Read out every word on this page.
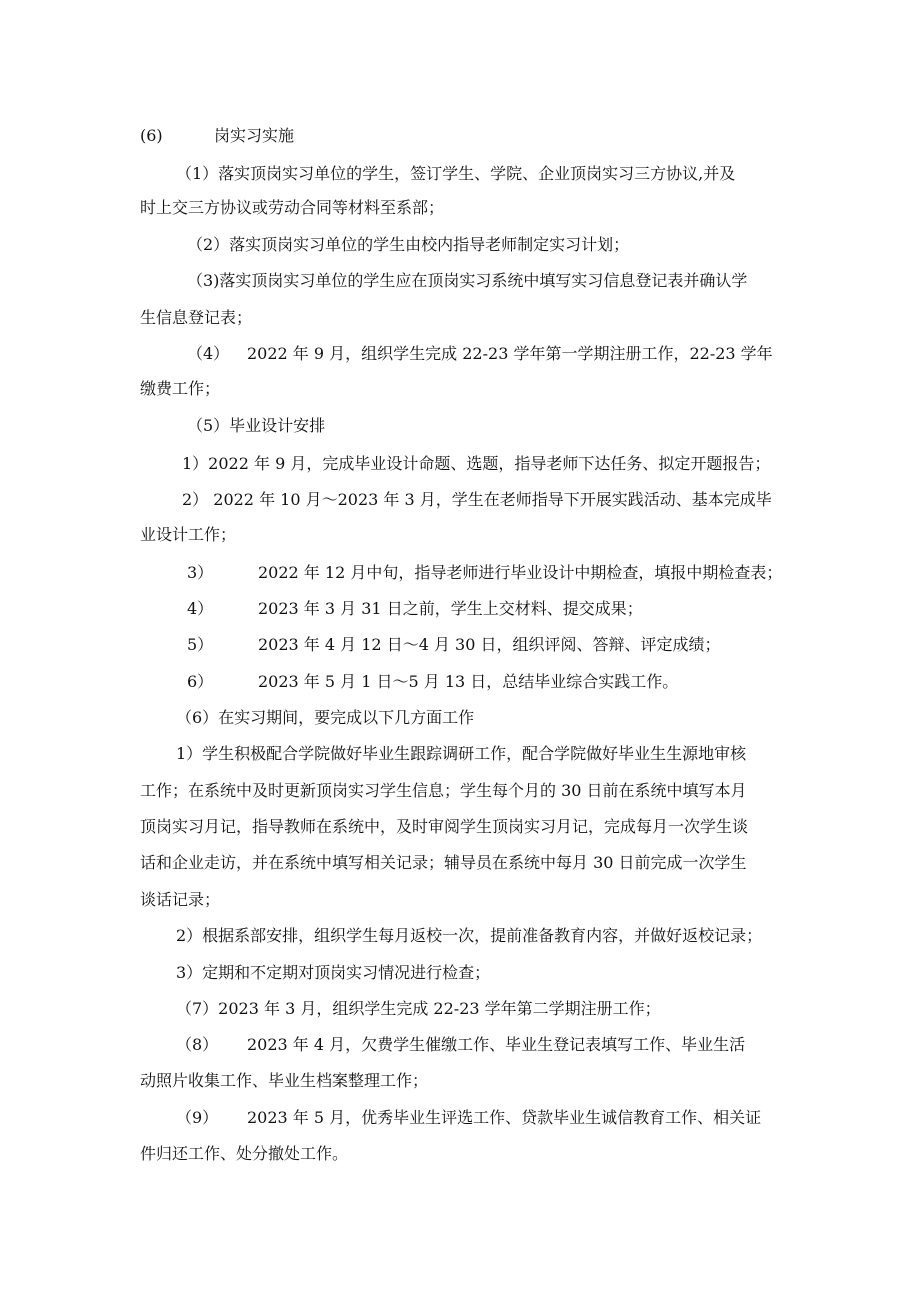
(6)	岗实习实施
（1）落实顶岗实习单位的学生，签订学生、学院、企业顶岗实习三方协议,并及
时上交三方协议或劳动合同等材料至系部；
（2）落实顶岗实习单位的学生由校内指导老师制定实习计划；
（3)落实顶岗实习单位的学生应在顶岗实习系统中填写实习信息登记表并确认学
生信息登记表；
（4） 2022 年 9 月，组织学生完成 22-23 学年第一学期注册工作，22-23 学年
缴费工作；
（5）毕业设计安排
1）2022 年 9 月，完成毕业设计命题、选题，指导老师下达任务、拟定开题报告；
2） 2022 年 10 月～2023 年 3 月，学生在老师指导下开展实践活动、基本完成毕
业设计工作；
3）	2022 年 12 月中旬，指导老师进行毕业设计中期检查，填报中期检查表；
4）	2023 年 3 月 31 日之前，学生上交材料、提交成果；
5）	2023 年 4 月 12 日～4 月 30 日，组织评阅、答辩、评定成绩；
6）	2023 年 5 月 1 日～5 月 13 日，总结毕业综合实践工作。
（6）在实习期间，要完成以下几方面工作
1）学生积极配合学院做好毕业生跟踪调研工作，配合学院做好毕业生生源地审核
工作；在系统中及时更新顶岗实习学生信息；学生每个月的 30 日前在系统中填写本月
顶岗实习月记，指导教师在系统中，及时审阅学生顶岗实习月记，完成每月一次学生谈
话和企业走访，并在系统中填写相关记录；辅导员在系统中每月 30 日前完成一次学生
谈话记录；
2）根据系部安排，组织学生每月返校一次，提前准备教育内容，并做好返校记录；
3）定期和不定期对顶岗实习情况进行检查；
（7）2023 年 3 月，组织学生完成 22-23 学年第二学期注册工作；
（8） 2023 年 4 月，欠费学生催缴工作、毕业生登记表填写工作、毕业生活
动照片收集工作、毕业生档案整理工作；
（9） 2023 年 5 月，优秀毕业生评选工作、贷款毕业生诚信教育工作、相关证
件归还工作、处分撤处工作。
